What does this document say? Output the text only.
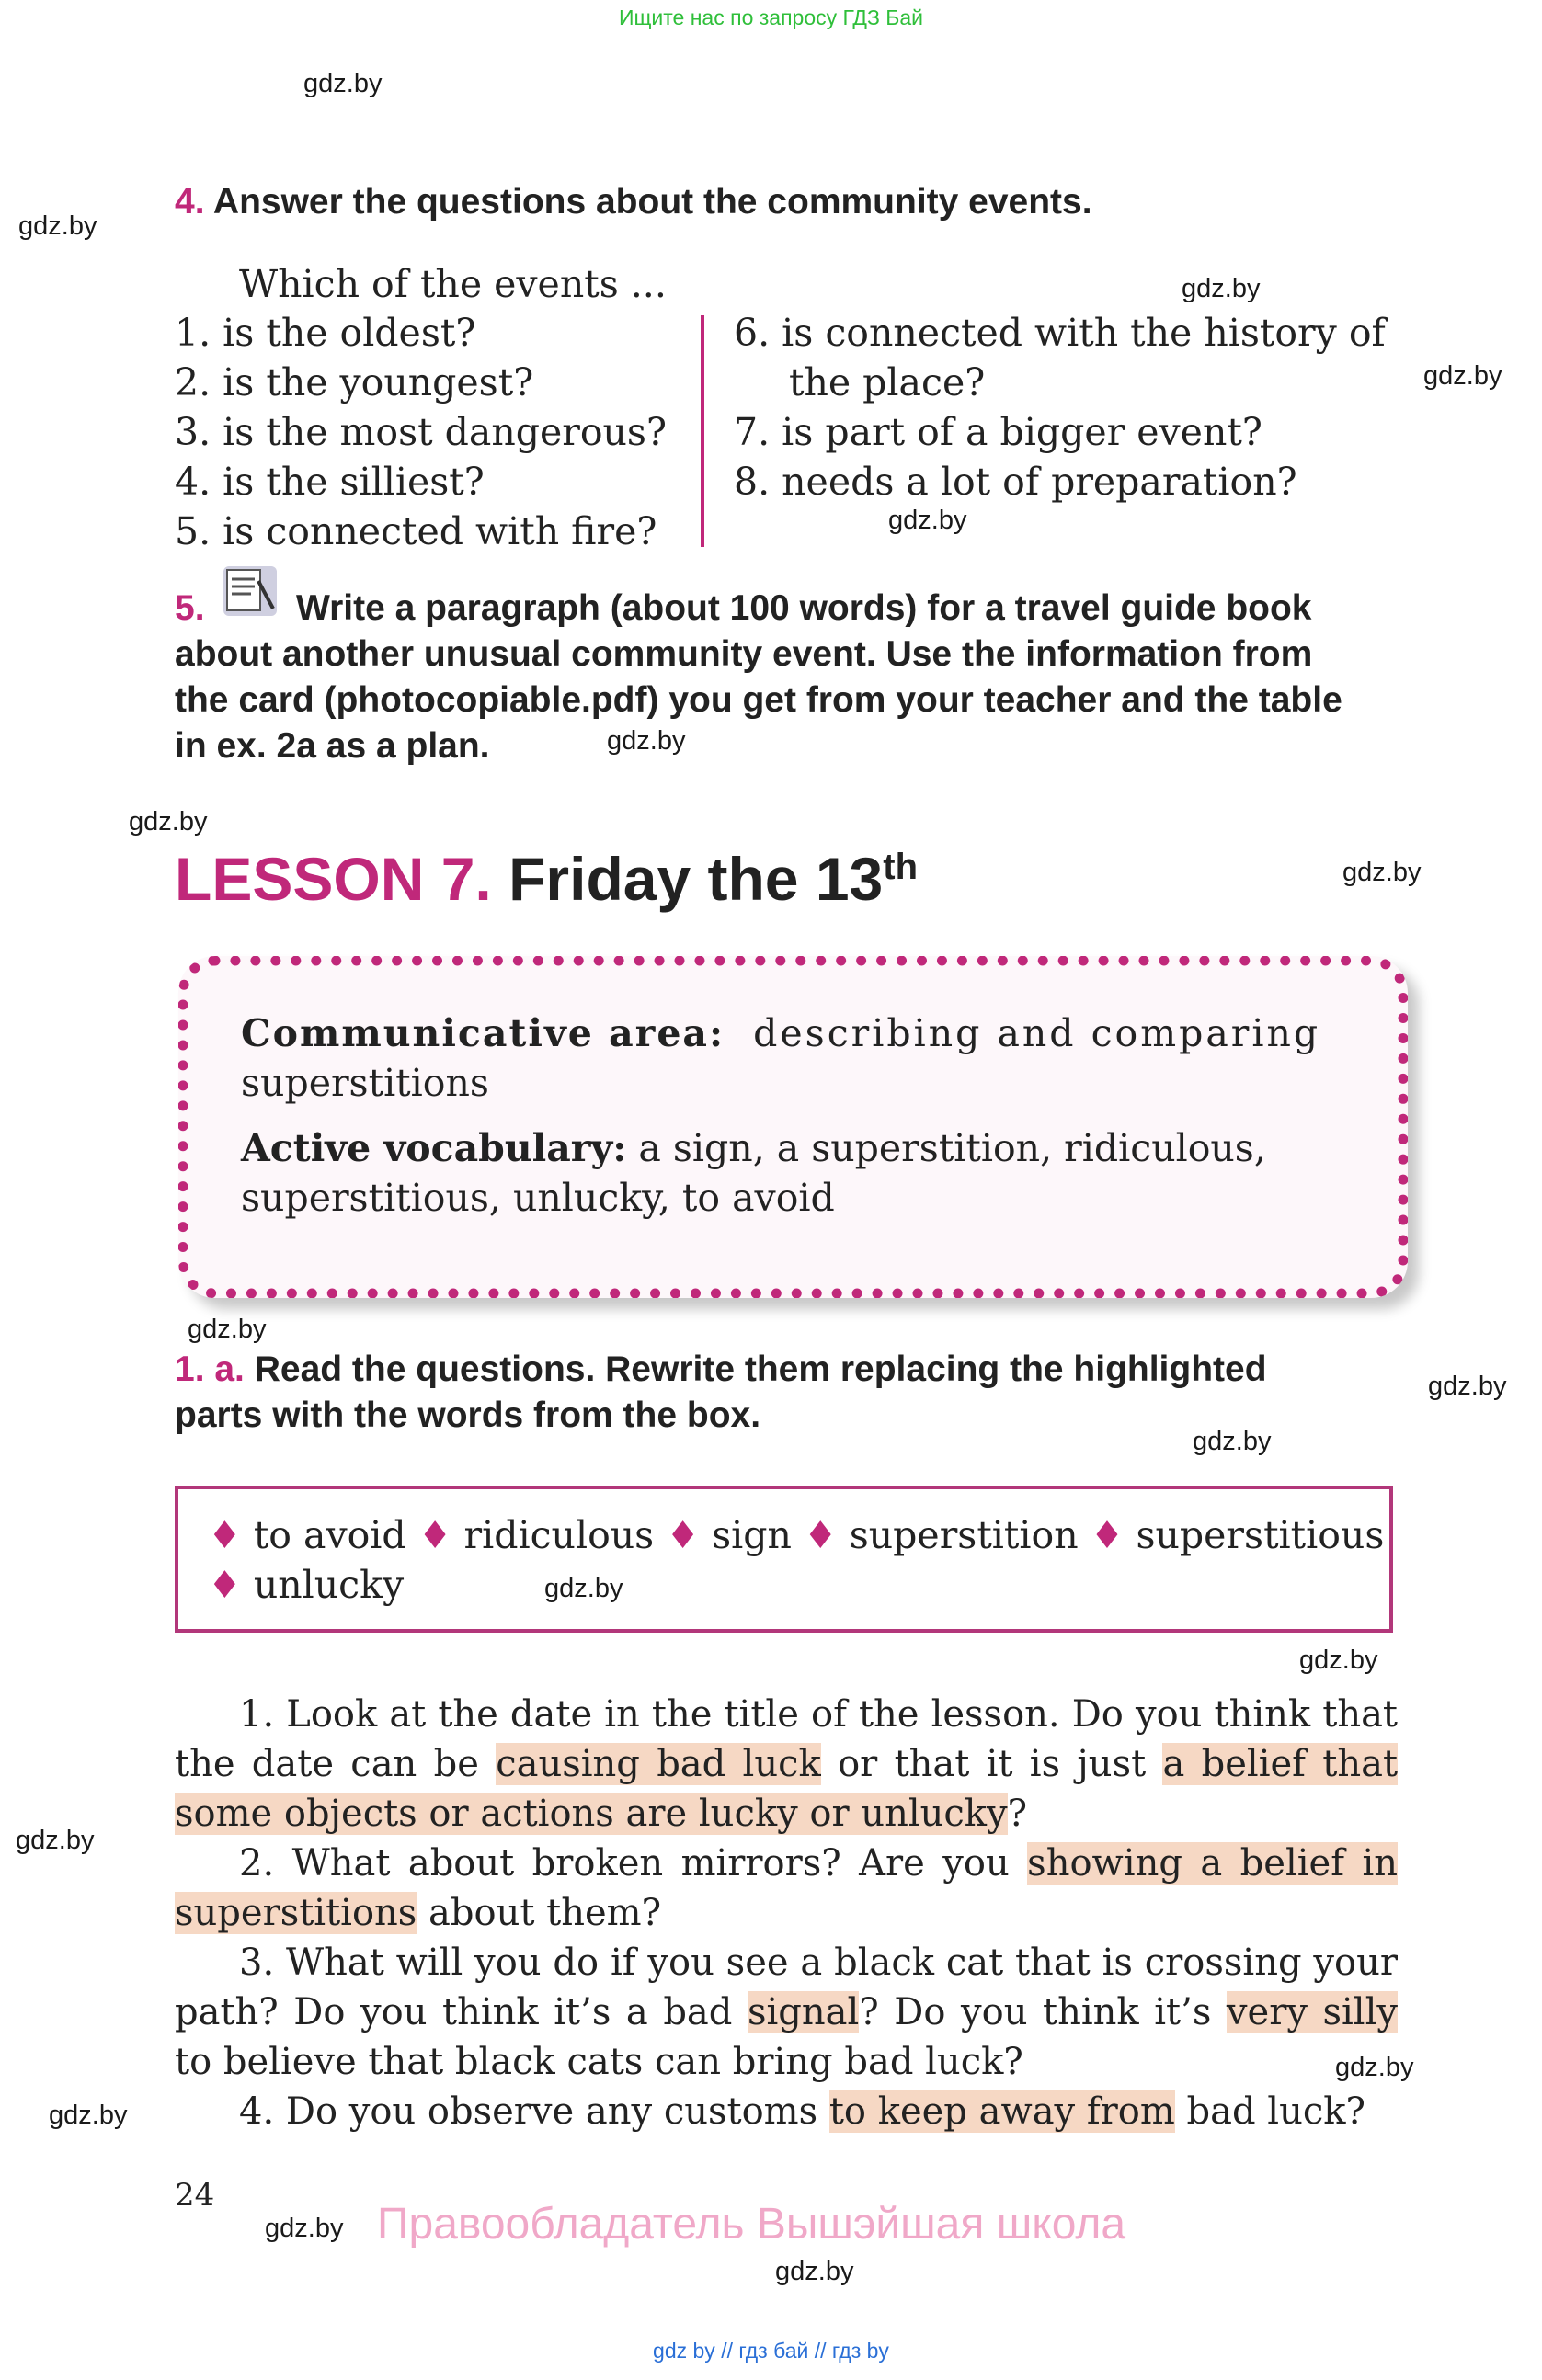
Ищите нас по запросу ГДЗ Бай
gdz.by
gdz.by
gdz.by
gdz.by
gdz.by
gdz.by
gdz.by
gdz.by
gdz.by
gdz.by
gdz.by
gdz.by
gdz.by
gdz.by
gdz.by
gdz.by
gdz.by
gdz.by
4. Answer the questions about the community events.
Which of the events ...
1. is the oldest?
2. is the youngest?
3. is the most dangerous?
4. is the silliest?
5. is connected with fire?
6. is connected with the history of
the place?
7. is part of a bigger event?
8. needs a lot of preparation?
5.	Write a paragraph (about 100 words) for a travel guide book
about another unusual community event. Use the information from
the card (photocopiable.pdf) you get from your teacher and the table
in ex. 2a as a plan.
LESSON 7. Friday the 13th
Communicative area: describing and comparing
superstitions
Active vocabulary: a sign, a superstition, ridiculous,
superstitious, unlucky, to avoid
1. a. Read the questions. Rewrite them replacing the highlighted
parts with the words from the box.
♦ to avoid ♦ ridiculous ♦ sign ♦ superstition ♦ superstitious
♦ unlucky

1. Look at the date in the title of the lesson. Do you think that the date can be causing bad luck or that it is just a belief that some objects or actions are lucky or unlucky?

2. What about broken mirrors? Are you showing a belief in superstitions about them?

3. What will you do if you see a black cat that is crossing your path? Do you think it’s a bad signal? Do you think it’s very silly to believe that black cats can bring bad luck?

4. Do you observe any customs to keep away from bad luck?

24
Правообладатель Вышэйшая школа
gdz by // гдз бай // гдз by
